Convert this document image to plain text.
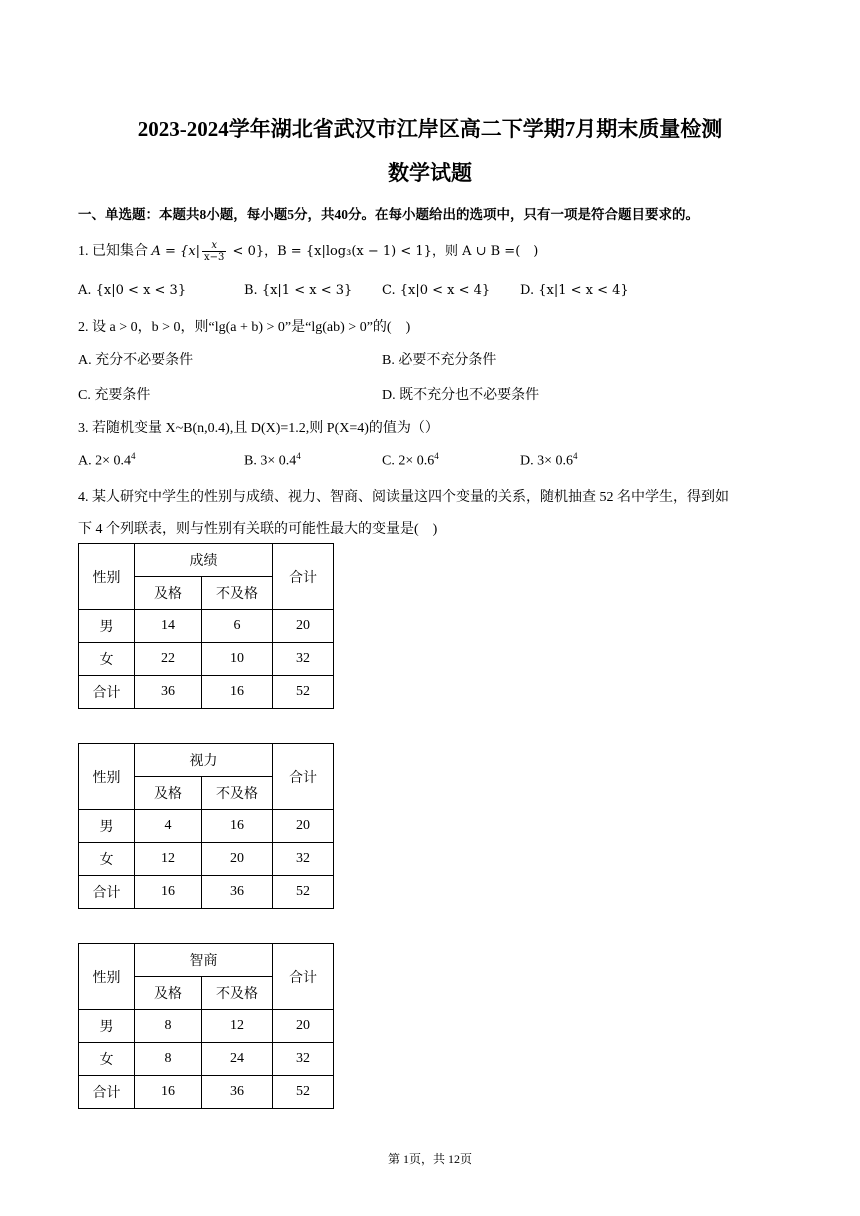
2023-2024学年湖北省武汉市江岸区高二下学期7月期末质量检测
数学试题
一、单选题：本题共8小题，每小题5分，共40分。在每小题给出的选项中，只有一项是符合题目要求的。
1. 已知集合 $A = \{x| \frac{x}{x-3} < 0\}$，B = {x|log₃(x − 1) < 1}，则 A ∪ B =(　)
A. {x|0 < x < 3}	B. {x|1 < x < 3} C. {x|0 < x < 4} D. {x|1 < x < 4}
2. 设 a > 0，b > 0，则“lg(a + b) > 0”是“lg(ab) > 0”的(　)
A. 充分不必要条件	B. 必要不充分条件
C. 充要条件	D. 既不充分也不必要条件
3. 若随机变量 X~B(n,0.4),且 D(X)=1.2,则 P(X=4)的值为（）
A. $2\times 0.4^4$	B. $3\times 0.4^4$	C. $2\times 0.6^4$	D. $3\times 0.6^4$
4. 某人研究中学生的性别与成绩、视力、智商、阅读量这四个变量的关系，随机抽查 52 名中学生，得到如
下 4 个列联表，则与性别有关联的可能性最大的变量是(　)
性别	成绩		合计
	及格	不及格	
男	14	6	20
女	22	10	32
合计	36	16	52
性别	视力		合计
	及格	不及格	
男	4	16	20
女	12	20	32
合计	16	36	52
性别	智商		合计
	及格	不及格	
男	8	12	20
女	8	24	32
合计	16	36	52
第 1页，共 12页
